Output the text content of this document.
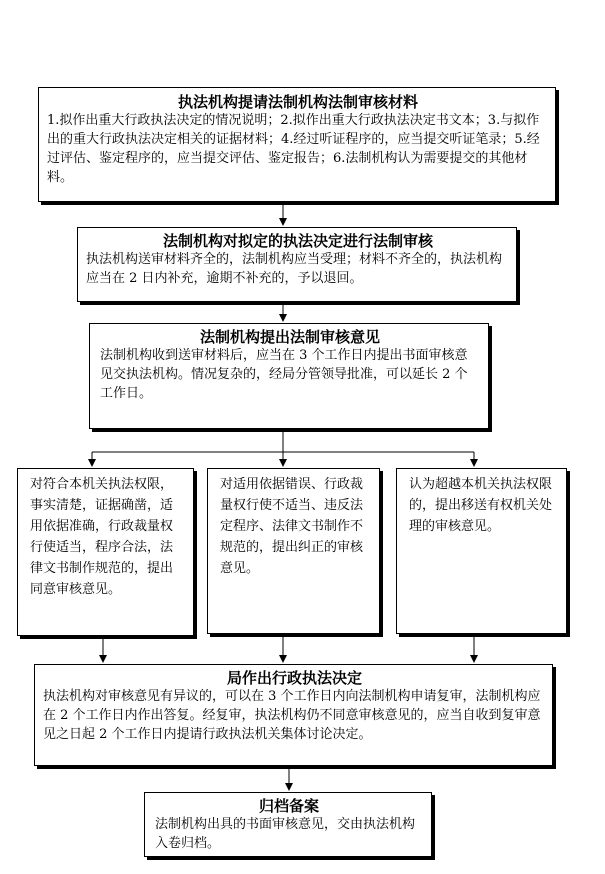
执法机构提请法制机构法制审核材料
1.拟作出重大行政执法决定的情况说明；2.拟作出重大行政执法决定书文本；3.与拟作出的重大行政执法决定相关的证据材料；4.经过听证程序的，应当提交听证笔录；5.经过评估、鉴定程序的，应当提交评估、鉴定报告；6.法制机构认为需要提交的其他材料。
法制机构对拟定的执法决定进行法制审核
执法机构送审材料齐全的，法制机构应当受理；材料不齐全的，执法机构应当在 2 日内补充，逾期不补充的，予以退回。
法制机构提出法制审核意见
法制机构收到送审材料后，应当在 3 个工作日内提出书面审核意见交执法机构。情况复杂的，经局分管领导批准，可以延长 2 个工作日。
对符合本机关执法权限，事实清楚，证据确凿，适用依据准确，行政裁量权行使适当，程序合法，法律文书制作规范的，提出同意审核意见。
对适用依据错误、行政裁量权行使不适当、违反法定程序、法律文书制作不规范的，提出纠正的审核意见。
认为超越本机关执法权限的，提出移送有权机关处理的审核意见。
局作出行政执法决定
执法机构对审核意见有异议的，可以在 3 个工作日内向法制机构申请复审，法制机构应在 2 个工作日内作出答复。经复审，执法机构仍不同意审核意见的，应当自收到复审意见之日起 2 个工作日内提请行政执法机关集体讨论决定。
归档备案
法制机构出具的书面审核意见，交由执法机构入卷归档。
